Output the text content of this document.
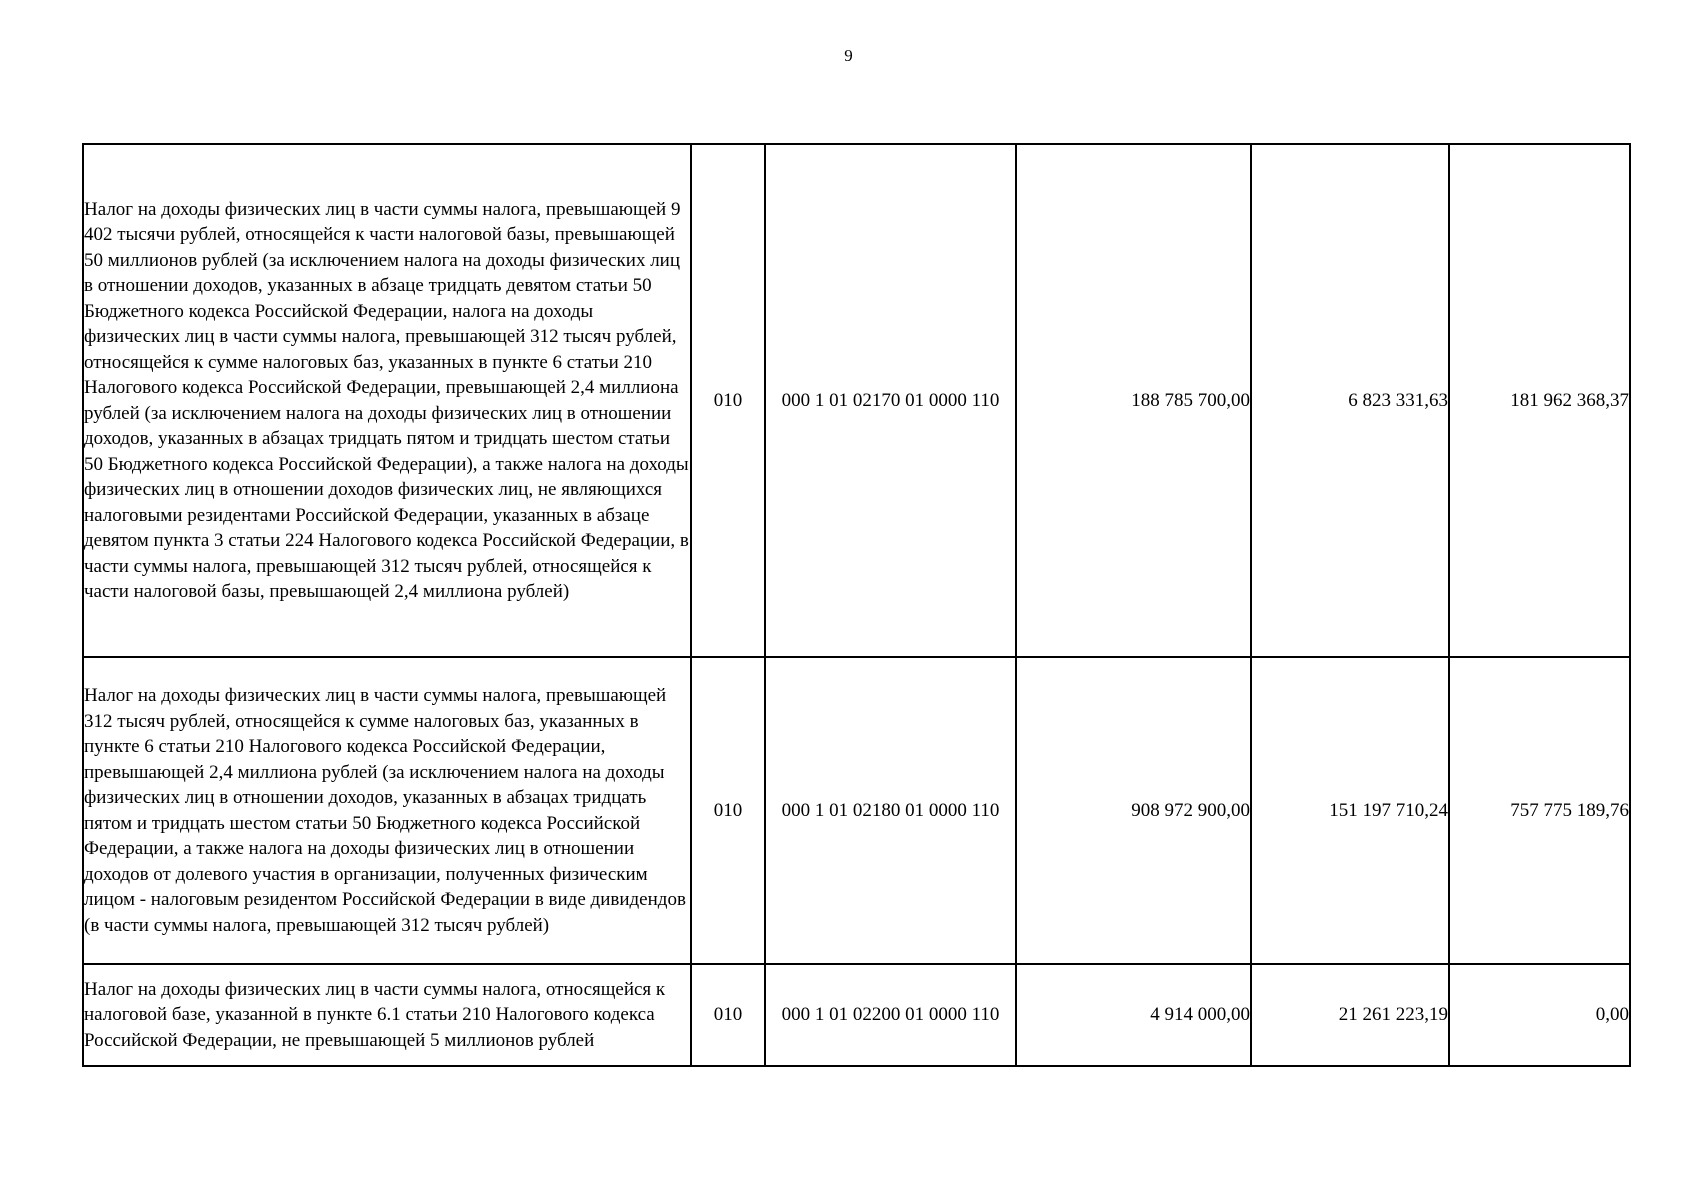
9
Налог на доходы физических лиц в части суммы налога, превышающей 9 402 тысячи рублей, относящейся к части налоговой базы, превышающей 50 миллионов рублей (за исключением налога на доходы физических лиц в отношении доходов, указанных в абзаце тридцать девятом статьи 50 Бюджетного кодекса Российской Федерации, налога на доходы физических лиц в части суммы налога, превышающей 312 тысяч рублей, относящейся к сумме налоговых баз, указанных в пункте 6 статьи 210 Налогового кодекса Российской Федерации, превышающей 2,4 миллиона рублей (за исключением налога на доходы физических лиц в отношении доходов, указанных в абзацах тридцать пятом и тридцать шестом статьи 50 Бюджетного кодекса Российской Федерации), а также налога на доходы физических лиц в отношении доходов физических лиц, не являющихся налоговыми резидентами Российской Федерации, указанных в абзаце девятом пункта 3 статьи 224 Налогового кодекса Российской Федерации, в части суммы налога, превышающей 312 тысяч рублей, относящейся к части налоговой базы, превышающей 2,4 миллиона рублей)	010	000 1 01 02170 01 0000 110	188 785 700,00	6 823 331,63	181 962 368,37
Налог на доходы физических лиц в части суммы налога, превышающей 312 тысяч рублей, относящейся к сумме налоговых баз, указанных в пункте 6 статьи 210 Налогового кодекса Российской Федерации, превышающей 2,4 миллиона рублей (за исключением налога на доходы физических лиц в отношении доходов, указанных в абзацах тридцать пятом и тридцать шестом статьи 50 Бюджетного кодекса Российской Федерации, а также налога на доходы физических лиц в отношении доходов от долевого участия в организации, полученных физическим лицом - налоговым резидентом Российской Федерации в виде дивидендов (в части суммы налога, превышающей 312 тысяч рублей)	010	000 1 01 02180 01 0000 110	908 972 900,00	151 197 710,24	757 775 189,76
Налог на доходы физических лиц в части суммы налога, относящейся к налоговой базе, указанной в пункте 6.1 статьи 210 Налогового кодекса Российской Федерации, не превышающей 5 миллионов рублей	010	000 1 01 02200 01 0000 110	4 914 000,00	21 261 223,19	0,00
